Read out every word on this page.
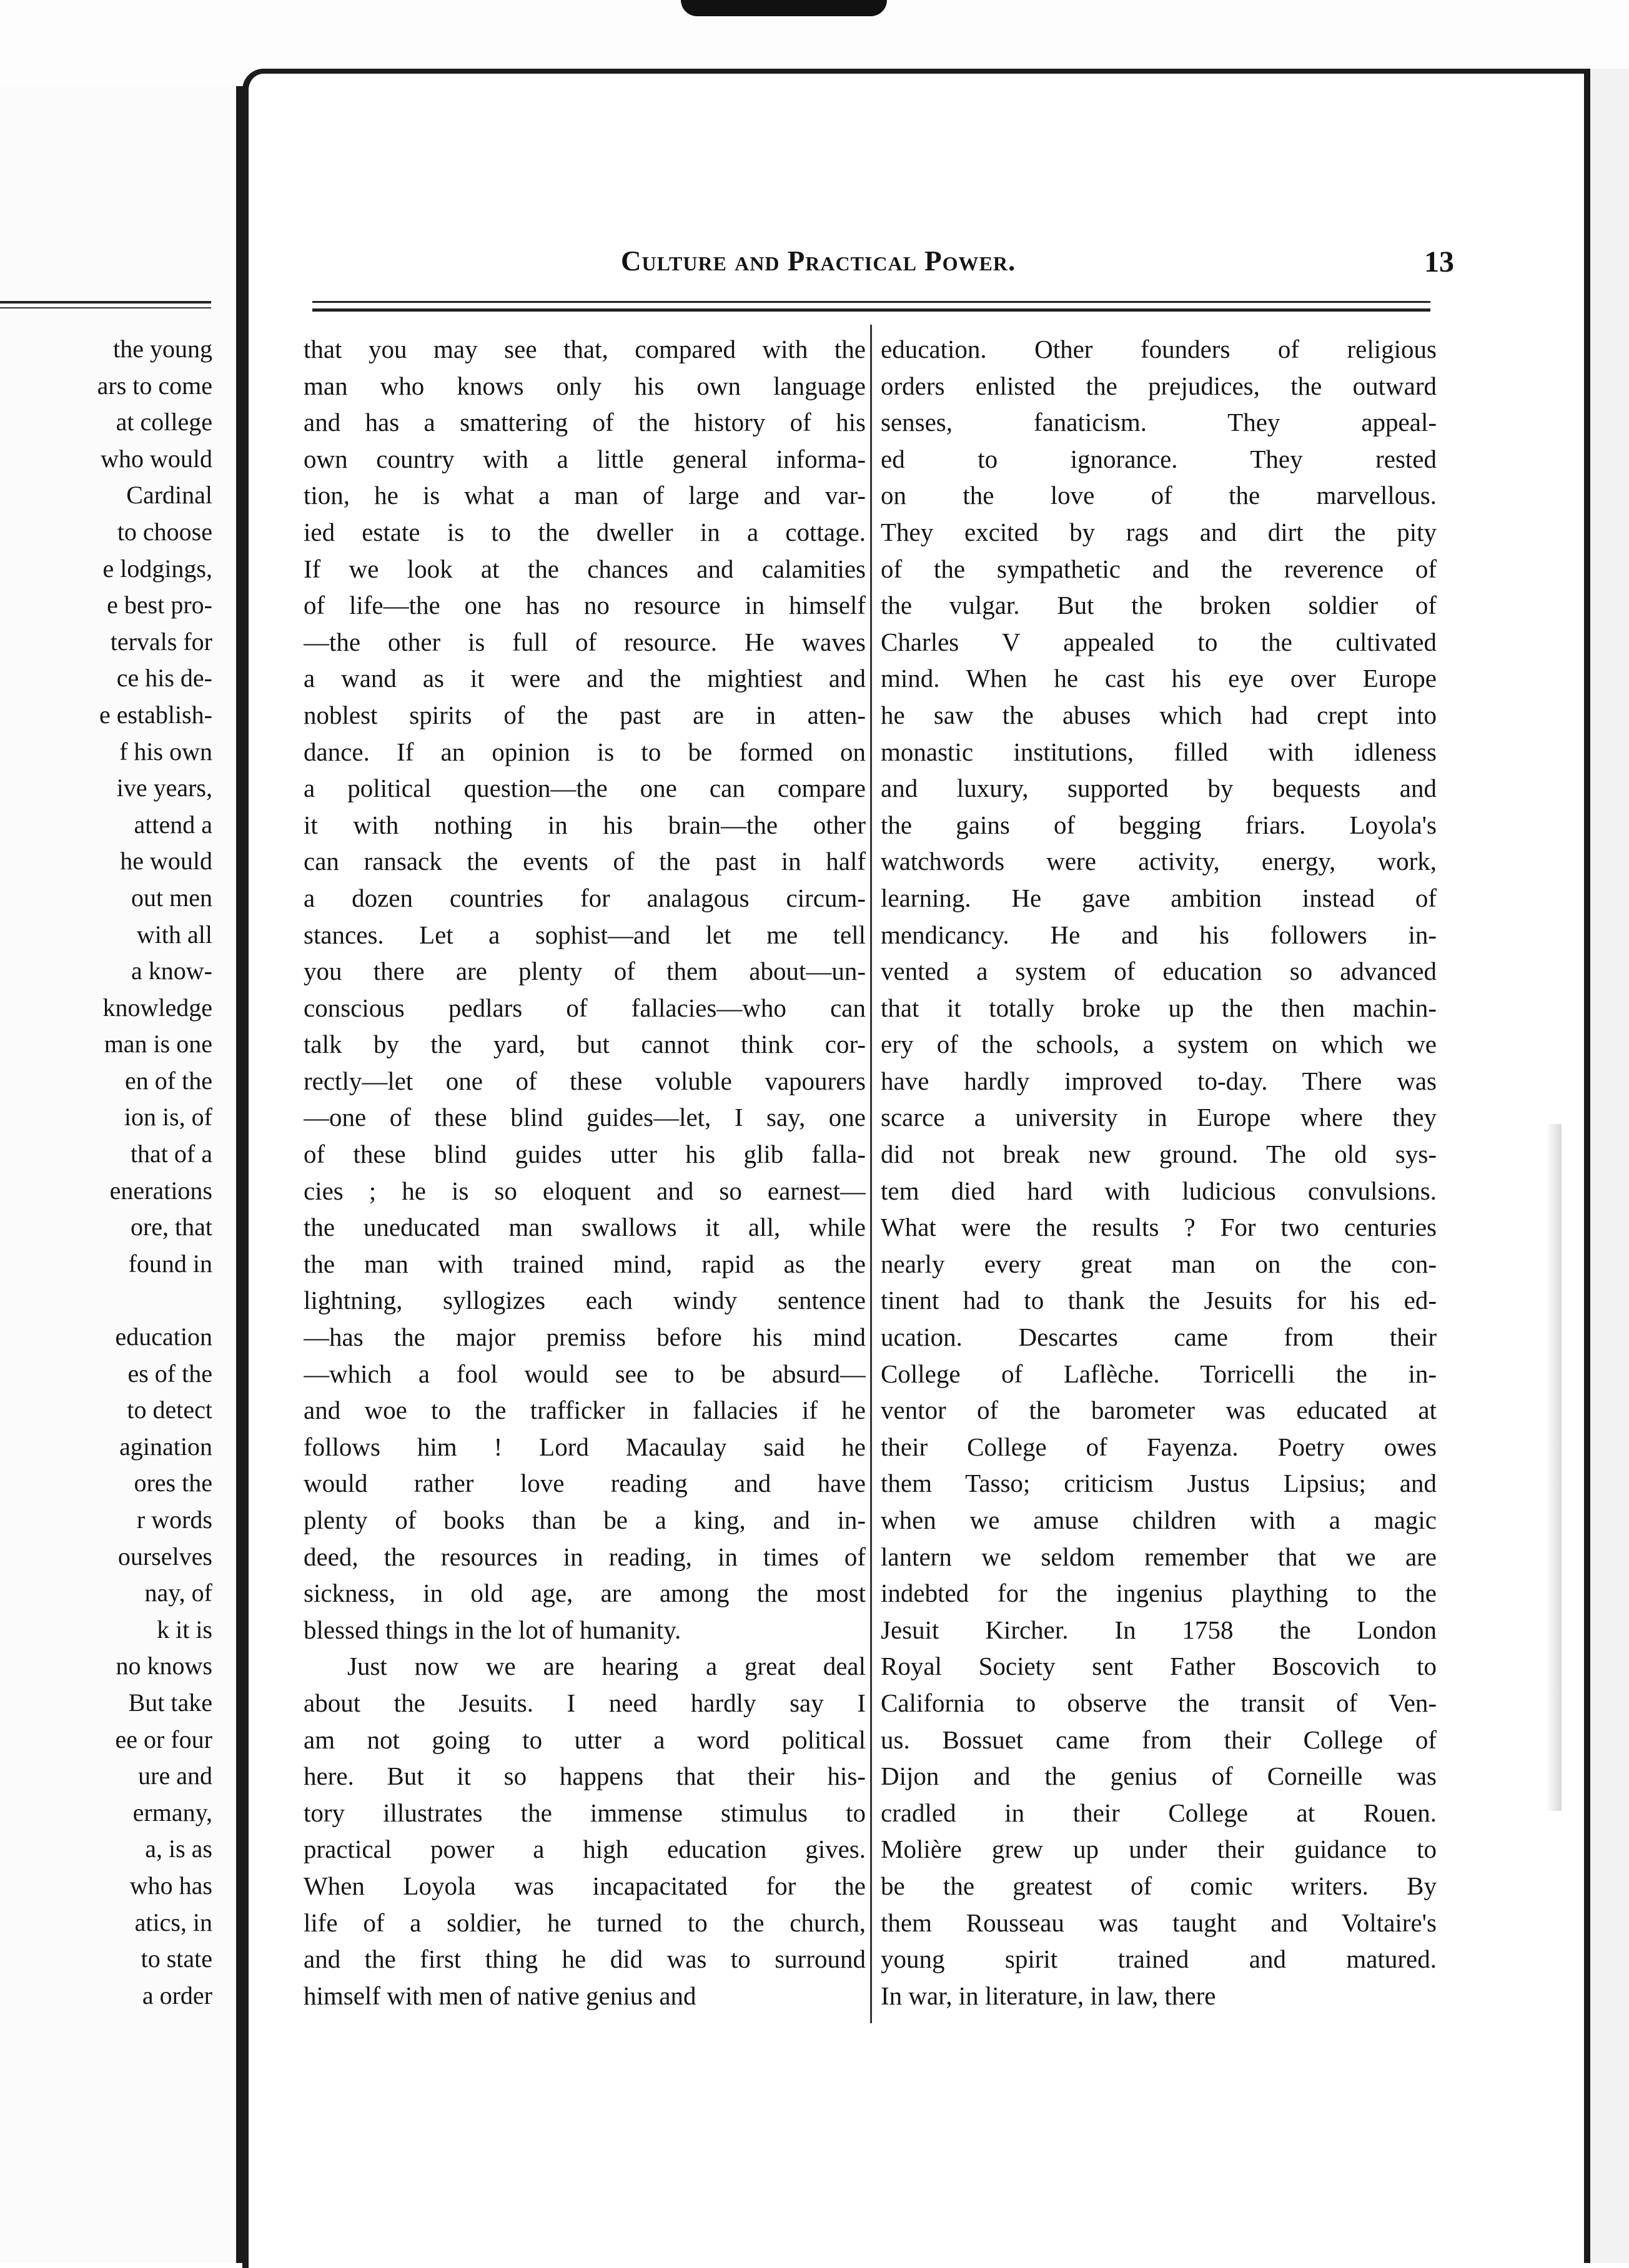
the young
ars to come
at college
who would
Cardinal
to choose
e lodgings,
e best pro-
tervals for
ce his de-
e establish-
f his own
ive years,
attend a
he would
out men
with all
a know-
knowledge
man is one
en of the
ion is, of
that of a
enerations
ore, that
found in
education
es of the
to detect
agination
ores the
r words
ourselves
nay, of
k it is
no knows
But take
ee or four
ure and
ermany,
a, is as
who has
atics, in
to state
a order
Culture and Practical Power.	13
that you may see that, compared with the
man who knows only his own language
and has a smattering of the history of his
own country with a little general informa-
tion, he is what a man of large and var-
ied estate is to the dweller in a cottage.
If we look at the chances and calamities
of life—the one has no resource in himself
—the other is full of resource. He waves
a wand as it were and the mightiest and
noblest spirits of the past are in atten-
dance. If an opinion is to be formed on
a political question—the one can compare
it with nothing in his brain—the other
can ransack the events of the past in half
a dozen countries for analagous circum-
stances. Let a sophist—and let me tell
you there are plenty of them about—un-
conscious pedlars of fallacies—who can
talk by the yard, but cannot think cor-
rectly—let one of these voluble vapourers
—one of these blind guides—let, I say, one
of these blind guides utter his glib falla-
cies ; he is so eloquent and so earnest—
the uneducated man swallows it all, while
the man with trained mind, rapid as the
lightning, syllogizes each windy sentence
—has the major premiss before his mind
—which a fool would see to be absurd—
and woe to the trafficker in fallacies if he
follows him ! Lord Macaulay said he
would rather love reading and have
plenty of books than be a king, and in-
deed, the resources in reading, in times of
sickness, in old age, are among the most
blessed things in the lot of humanity.
Just now we are hearing a great deal
about the Jesuits. I need hardly say I
am not going to utter a word political
here. But it so happens that their his-
tory illustrates the immense stimulus to
practical power a high education gives.
When Loyola was incapacitated for the
life of a soldier, he turned to the church,
and the first thing he did was to surround
himself with men of native genius and
education. Other founders of religious
orders enlisted the prejudices, the outward
senses, fanaticism. They appeal-
ed to ignorance. They rested
on the love of the marvellous.
They excited by rags and dirt the pity
of the sympathetic and the reverence of
the vulgar. But the broken soldier of
Charles V appealed to the cultivated
mind. When he cast his eye over Europe
he saw the abuses which had crept into
monastic institutions, filled with idleness
and luxury, supported by bequests and
the gains of begging friars. Loyola's
watchwords were activity, energy, work,
learning. He gave ambition instead of
mendicancy. He and his followers in-
vented a system of education so advanced
that it totally broke up the then machin-
ery of the schools, a system on which we
have hardly improved to-day. There was
scarce a university in Europe where they
did not break new ground. The old sys-
tem died hard with ludicious convulsions.
What were the results ? For two centuries
nearly every great man on the con-
tinent had to thank the Jesuits for his ed-
ucation. Descartes came from their
College of Laflèche. Torricelli the in-
ventor of the barometer was educated at
their College of Fayenza. Poetry owes
them Tasso; criticism Justus Lipsius; and
when we amuse children with a magic
lantern we seldom remember that we are
indebted for the ingenius plaything to the
Jesuit Kircher. In 1758 the London
Royal Society sent Father Boscovich to
California to observe the transit of Ven-
us. Bossuet came from their College of
Dijon and the genius of Corneille was
cradled in their College at Rouen.
Molière grew up under their guidance to
be the greatest of comic writers. By
them Rousseau was taught and Voltaire's
young spirit trained and matured.
In war, in literature, in law, there
